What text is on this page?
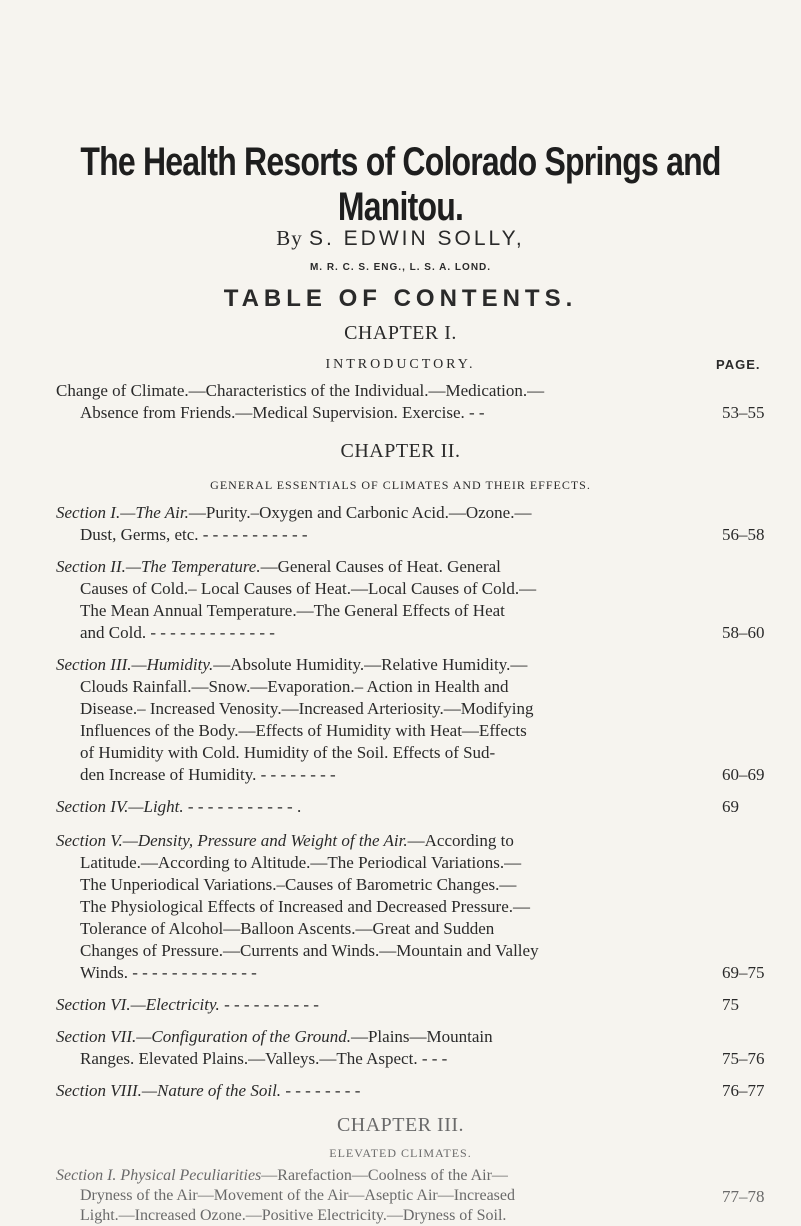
The Health Resorts of Colorado Springs and Manitou.
By S. EDWIN SOLLY,
M. R. C. S. ENG., L. S. A. LOND.
TABLE OF CONTENTS.
CHAPTER I.
INTRODUCTORY.	PAGE.
Change of Climate.—Characteristics of the Individual.—Medication.—
Absence from Friends.—Medical Supervision. Exercise. - -	53–55
CHAPTER II.
GENERAL ESSENTIALS OF CLIMATES AND THEIR EFFECTS.
Section I.—The Air.—Purity.–Oxygen and Carbonic Acid.—Ozone.—
Dust, Germs, etc. - - - - - - - - - - -	56–58
Section II.—The Temperature.—General Causes of Heat. General
Causes of Cold.– Local Causes of Heat.—Local Causes of Cold.—
The Mean Annual Temperature.—The General Effects of Heat
and Cold. - - - - - - - - - - - - -	58–60
Section III.—Humidity.—Absolute Humidity.—Relative Humidity.—
Clouds Rainfall.—Snow.—Evaporation.– Action in Health and
Disease.– Increased Venosity.—Increased Arteriosity.—Modifying
Influences of the Body.—Effects of Humidity with Heat—Effects
of Humidity with Cold. Humidity of the Soil. Effects of Sud-
den Increase of Humidity. - - - - - - - -	60–69
Section IV.—Light. - - - - - - - - - - - .	69
Section V.—Density, Pressure and Weight of the Air.—According to
Latitude.—According to Altitude.—The Periodical Variations.—
The Unperiodical Variations.–Causes of Barometric Changes.—
The Physiological Effects of Increased and Decreased Pressure.—
Tolerance of Alcohol—Balloon Ascents.—Great and Sudden
Changes of Pressure.—Currents and Winds.—Mountain and Valley
Winds. - - - - - - - - - - - - -	69–75
Section VI.—Electricity. - - - - - - - - - -	75
Section VII.—Configuration of the Ground.—Plains—Mountain
Ranges. Elevated Plains.—Valleys.—The Aspect. - - -	75–76
Section VIII.—Nature of the Soil. - - - - - - - -	76–77
CHAPTER III.
ELEVATED CLIMATES.
Section I. Physical Peculiarities—Rarefaction—Coolness of the Air—
Dryness of the Air—Movement of the Air—Aseptic Air—Increased
Light.—Increased Ozone.—Positive Electricity.—Dryness of Soil.
77–78
